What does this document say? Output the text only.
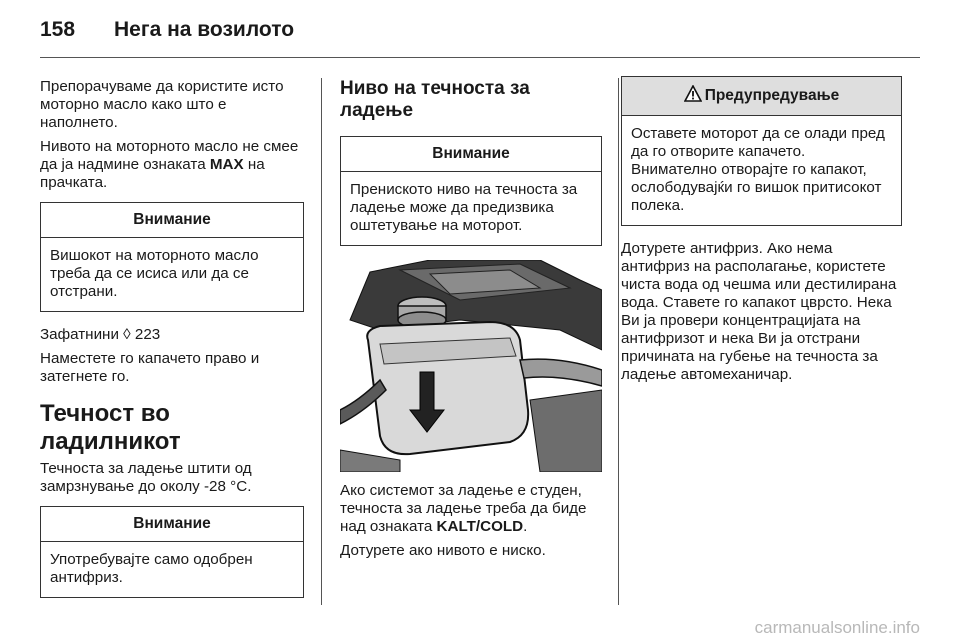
158 Нега на возилото

Препорачуваме да користите исто моторно масло како што е наполнето.

Нивото на моторното масло не смее да ја надмине ознаката MAX на прачката.

Внимание
Вишокот на моторното масло треба да се исиса или да се отстрани.

Зафатнини ◊ 223

Наместете го капачето право и затегнете го.

Течност во ладилникот

Течноста за ладење штити од замрзнување до околу -28 °C.

Внимание
Употребувајте само одобрен антифриз.
Ниво на течноста за ладење
Внимание
Пренискoто ниво на течноста за ладење може да предизвика оштетување на моторот.

Ако системот за ладење е студен, течноста за ладење треба да биде над ознаката KALT/COLD.

Дотурете ако нивото е ниско.

Предупредување
Оставете моторот да се олади пред да го отворите капачето. Внимателно отворајте го капакот, ослободувајќи го вишок притисокот полека.

Дотурете антифриз. Ако нема антифриз на располагање, користете чиста вода од чешма или дестилирана вода. Ставете го капакот цврсто. Нека Ви ја провери концентрацијата на антифризот и нека Ви ја отстрани причината на губење на течноста за ладење автомеханичар.

carmanualsonline.info
